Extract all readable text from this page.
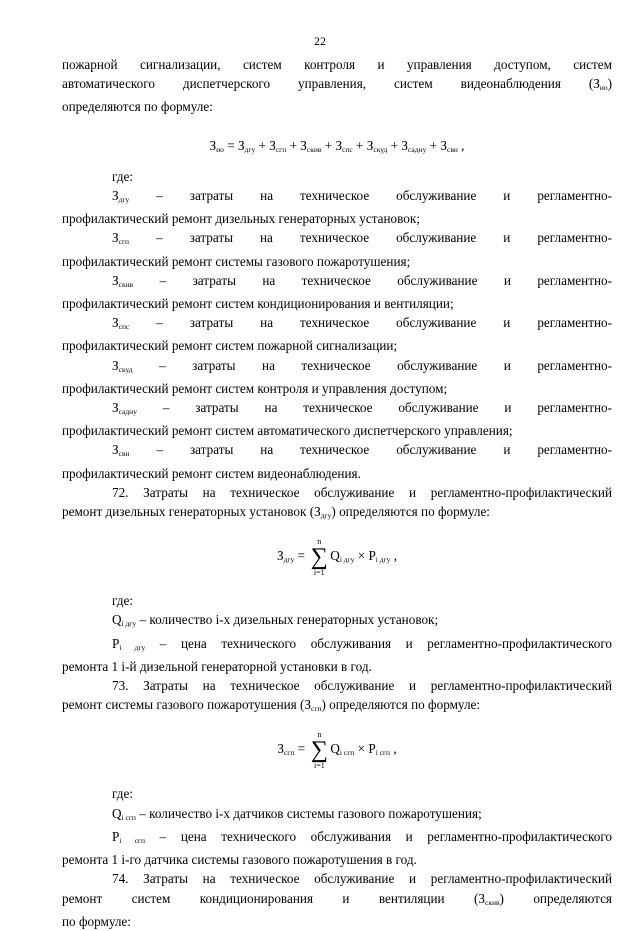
22

пожарной сигнализации, систем контроля и управления доступом, систем

автоматического диспетчерского управления, систем видеонаблюдения $(З_{ио})$

определяются по формуле:

$З_{ио} = З_{дгу} + З_{сгп} + З_{скив} + З_{спс} + З_{скуд} + З_{садну} + З_{свн}$ ,

где:

$З_{дгу}$ – затраты на техническое обслуживание и регламентно-

профилактический ремонт дизельных генераторных установок;

$З_{сгп}$ – затраты на техническое обслуживание и регламентно-

профилактический ремонт системы газового пожаротушения;

$З_{скив}$ – затраты на техническое обслуживание и регламентно-

профилактический ремонт систем кондиционирования и вентиляции;

$З_{спс}$ – затраты на техническое обслуживание и регламентно-

профилактический ремонт систем пожарной сигнализации;

$З_{скуд}$ – затраты на техническое обслуживание и регламентно-

профилактический ремонт систем контроля и управления доступом;

$З_{садну}$ – затраты на техническое обслуживание и регламентно-

профилактический ремонт систем автоматического диспетчерского управления;

$З_{свн}$ – затраты на техническое обслуживание и регламентно-

профилактический ремонт систем видеонаблюдения.

72. Затраты на техническое обслуживание и регламентно-профилактический

ремонт дизельных генераторных установок $(З_{дгу})$ определяются по формуле:

$З_{дгу}$ =
n
∑
i=1
$Q_{i дгу} \times P_{i дгу}$ ,

где:

$Q_{i дгу}$ – количество i-х дизельных генераторных установок;

$P_{i дгу}$ – цена технического обслуживания и регламентно-профилактического

ремонта 1 i-й дизельной генераторной установки в год.

73. Затраты на техническое обслуживание и регламентно-профилактический

ремонт системы газового пожаротушения $(З_{сгп})$ определяются по формуле:

$З_{сгп}$ =
n
∑
i=1
$Q_{i сгп} \times P_{i сгп}$ ,

где:

$Q_{i сгп}$ – количество i-х датчиков системы газового пожаротушения;

$P_{i сгп}$ – цена технического обслуживания и регламентно-профилактического

ремонта 1 i-го датчика системы газового пожаротушения в год.

74. Затраты на техническое обслуживание и регламентно-профилактический

ремонт систем кондиционирования и вентиляции $(З_{скив})$ определяются

по формуле:
